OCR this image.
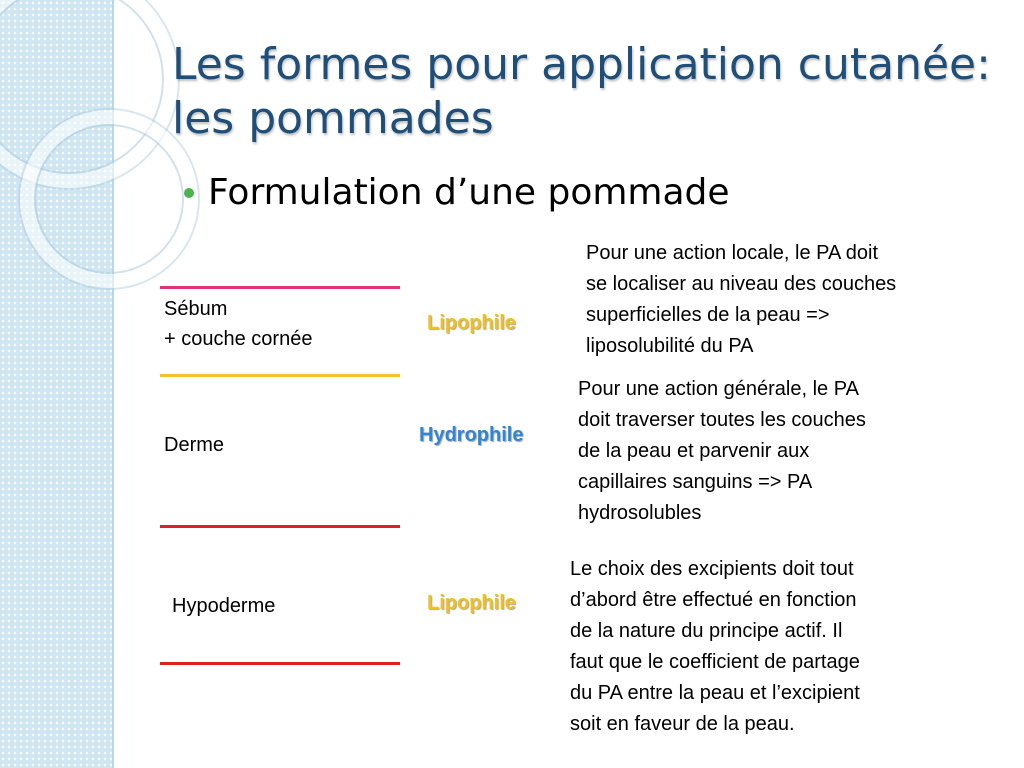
Les formes pour application cutanée: les pommades
Formulation d’une pommade
Sébum
+ couche cornée
Derme
Hypoderme
Lipophile
Hydrophile
Lipophile
Pour une action locale, le PA doit
se localiser au niveau des couches
superficielles de la peau =>
liposolubilité du PA
Pour une action générale, le PA
doit traverser toutes les couches
de la peau et parvenir aux
capillaires sanguins => PA
hydrosolubles
Le choix des excipients doit tout
d’abord être effectué en fonction
de la nature du principe actif. Il
faut que le coefficient de partage
du PA entre la peau et l’excipient
soit en faveur de la peau.
